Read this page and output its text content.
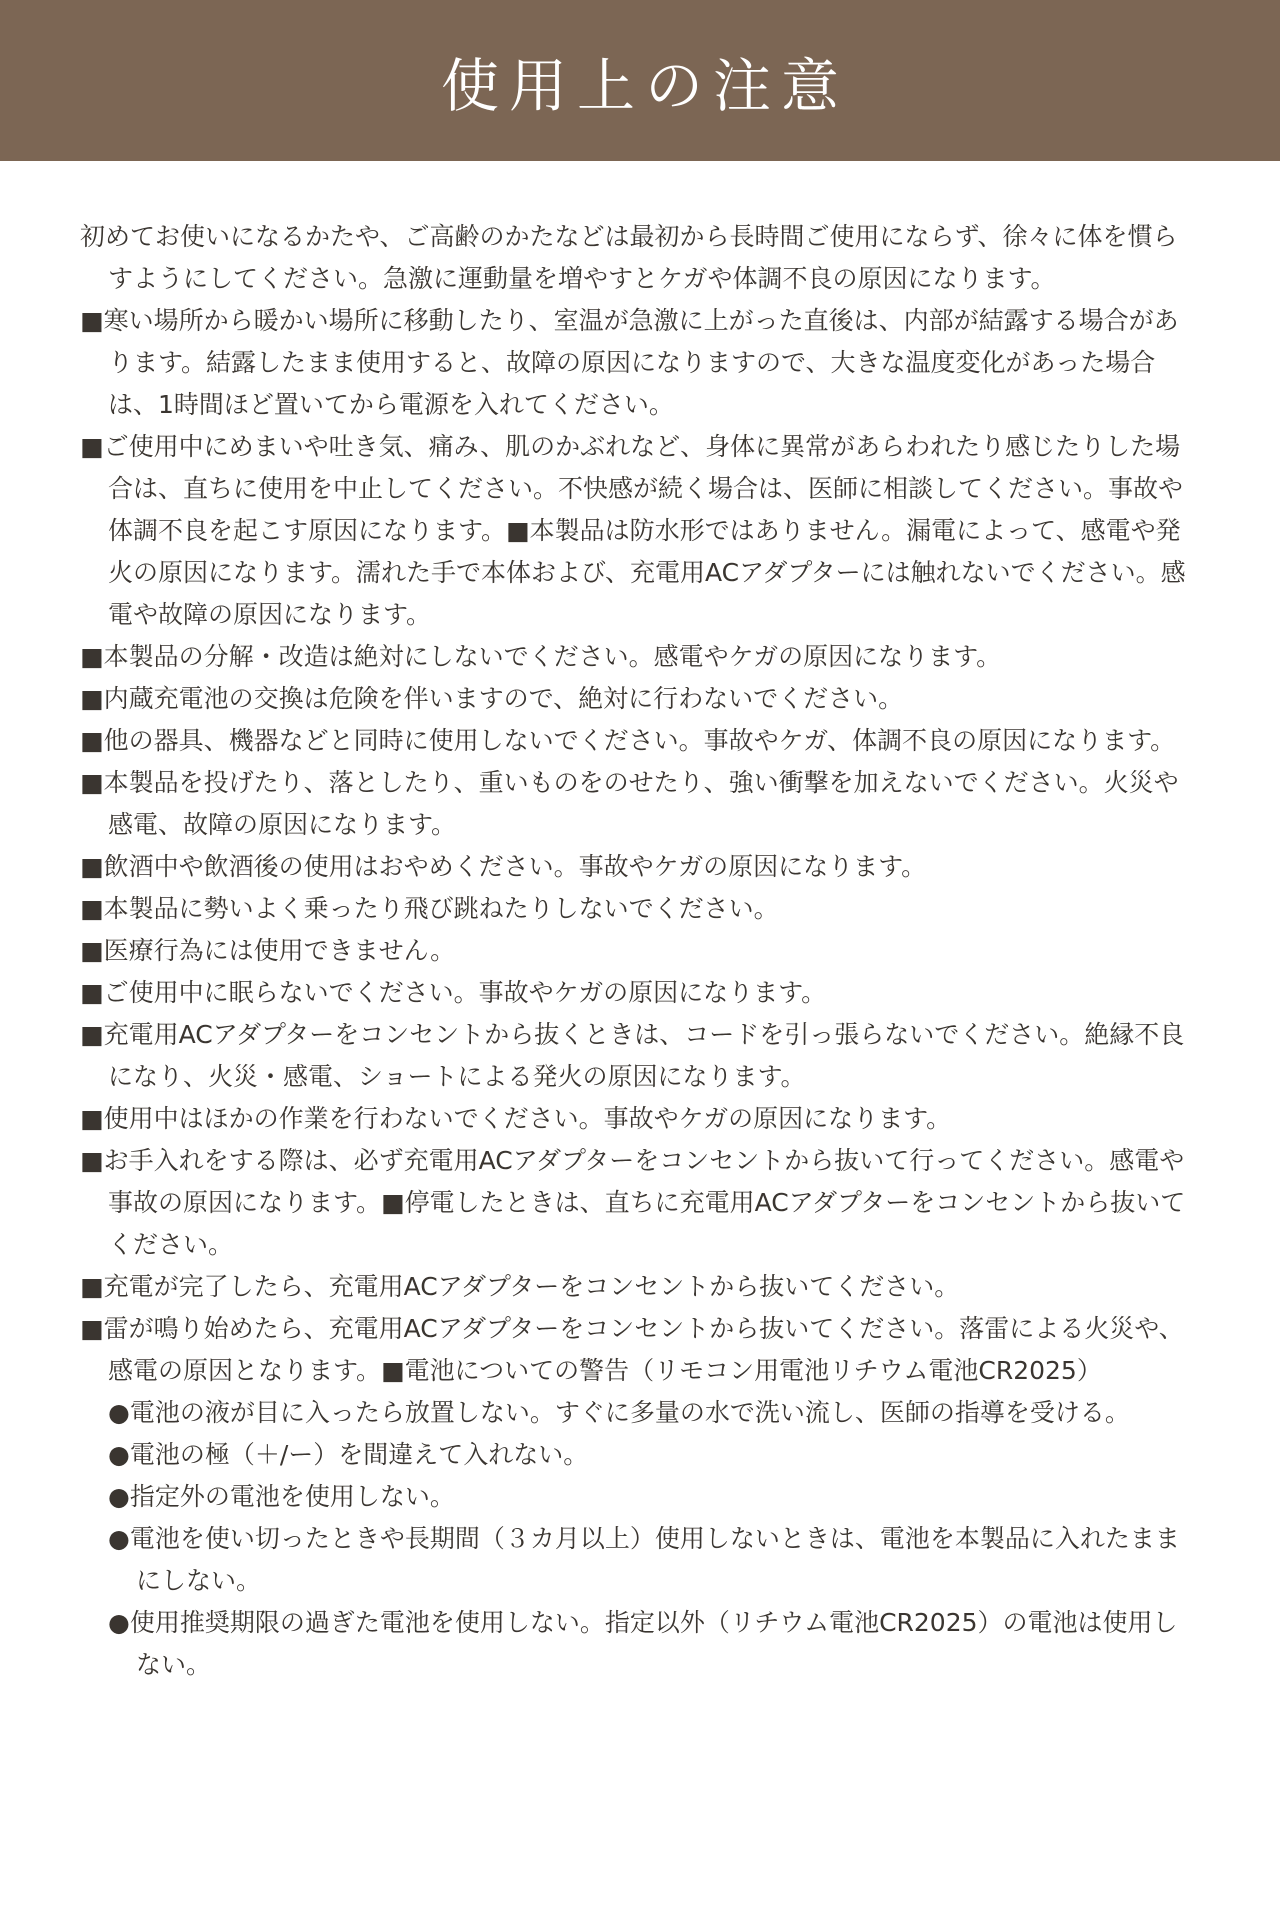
使用上の注意

初めてお使いになるかたや、ご高齢のかたなどは最初から長時間ご使用にならず、徐々に体を慣らすようにしてください。急激に運動量を増やすとケガや体調不良の原因になります。

■寒い場所から暖かい場所に移動したり、室温が急激に上がった直後は、内部が結露する場合があります。結露したまま使用すると、故障の原因になりますので、大きな温度変化があった場合は、1時間ほど置いてから電源を入れてください。

■ご使用中にめまいや吐き気、痛み、肌のかぶれなど、身体に異常があらわれたり感じたりした場合は、直ちに使用を中止してください。不快感が続く場合は、医師に相談してください。事故や体調不良を起こす原因になります。■本製品は防水形ではありません。漏電によって、感電や発火の原因になります。濡れた手で本体および、充電用ACアダプターには触れないでください。感電や故障の原因になります。

■本製品の分解・改造は絶対にしないでください。感電やケガの原因になります。

■内蔵充電池の交換は危険を伴いますので、絶対に行わないでください。

■他の器具、機器などと同時に使用しないでください。事故やケガ、体調不良の原因になります。

■本製品を投げたり、落としたり、重いものをのせたり、強い衝撃を加えないでください。火災や感電、故障の原因になります。

■飲酒中や飲酒後の使用はおやめください。事故やケガの原因になります。

■本製品に勢いよく乗ったり飛び跳ねたりしないでください。

■医療行為には使用できません。

■ご使用中に眠らないでください。事故やケガの原因になります。

■充電用ACアダプターをコンセントから抜くときは、コードを引っ張らないでください。絶縁不良になり、火災・感電、ショートによる発火の原因になります。

■使用中はほかの作業を行わないでください。事故やケガの原因になります。

■お手入れをする際は、必ず充電用ACアダプターをコンセントから抜いて行ってください。感電や事故の原因になります。■停電したときは、直ちに充電用ACアダプターをコンセントから抜いてください。

■充電が完了したら、充電用ACアダプターをコンセントから抜いてください。

■雷が鳴り始めたら、充電用ACアダプターをコンセントから抜いてください。落雷による火災や、感電の原因となります。■電池についての警告（リモコン用電池リチウム電池CR2025）

●電池の液が目に入ったら放置しない。すぐに多量の水で洗い流し、医師の指導を受ける。

●電池の極（＋/ー）を間違えて入れない。

●指定外の電池を使用しない。

●電池を使い切ったときや長期間（３カ月以上）使用しないときは、電池を本製品に入れたままにしない。

●使用推奨期限の過ぎた電池を使用しない。指定以外（リチウム電池CR2025）の電池は使用しない。
